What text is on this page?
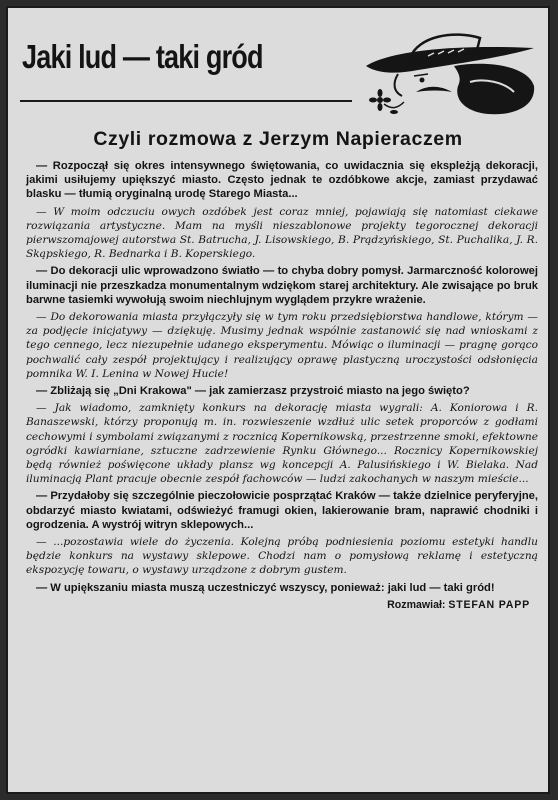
Jaki lud — taki gród
Czyli rozmowa z Jerzym Napieraczem

— Rozpoczął się okres intensywnego świętowania, co uwidacznia się ekspleżją dekoracji, jakimi usiłujemy upiększyć miasto. Często jednak te ozdóbkowe akcje, zamiast przydawać blasku — tłumią oryginalną urodę Starego Miasta...

— W moim odczuciu owych ozdóbek jest coraz mniej, pojawiają się natomiast ciekawe rozwiązania artystyczne. Mam na myśli nieszablonowe projekty tegorocznej dekoracji pierwszomajowej autorstwa St. Batrucha, J. Lisowskiego, B. Prądzyńskiego, St. Puchalika, J. R. Skąpskiego, R. Bednarka i B. Koperskiego.

— Do dekoracji ulic wprowadzono światło — to chyba dobry pomysł. Jarmarczność kolorowej iluminacji nie przeszkadza monumentalnym wdziękom starej architektury. Ale zwisające po bruk barwne tasiemki wywołują swoim niechlujnym wyglądem przykre wrażenie.

— Do dekorowania miasta przyłączyły się w tym roku przedsiębiorstwa handlowe, którym — za podjęcie inicjatywy — dziękuję. Musimy jednak wspólnie zastanowić się nad wnioskami z tego cennego, lecz niezupełnie udanego eksperymentu. Mówiąc o iluminacji — pragnę gorąco pochwalić cały zespół projektujący i realizujący oprawę plastyczną uroczystości odsłonięcia pomnika W. I. Lenina w Nowej Hucie!

— Zbliżają się „Dni Krakowa" — jak zamierzasz przystroić miasto na jego święto?

— Jak wiadomo, zamknięty konkurs na dekorację miasta wygrali: A. Koniorowa i R. Banaszewski, którzy proponują m. in. rozwieszenie wzdłuż ulic setek proporców z godłami cechowymi i symbolami związanymi z rocznicą Kopernikowską, przestrzenne smoki, efektowne ogródki kawiarniane, sztuczne zadrzewienie Rynku Głównego... Rocznicy Kopernikowskiej będą również poświęcone układy plansz wg koncepcji A. Palusińskiego i W. Bielaka. Nad iluminacją Plant pracuje obecnie zespół fachowców — ludzi zakochanych w naszym mieście...

— Przydałoby się szczególnie pieczołowicie posprzątać Kraków — także dzielnice peryferyjne, obdarzyć miasto kwiatami, odświeżyć framugi okien, lakierowanie bram, naprawić chodniki i ogrodzenia. A wystrój witryn sklepowych...

— ...pozostawia wiele do życzenia. Kolejną próbą podniesienia poziomu estetyki handlu będzie konkurs na wystawy sklepowe. Chodzi nam o pomysłową reklamę i estetyczną ekspozycję towaru, o wystawy urządzone z dobrym gustem.

— W upiększaniu miasta muszą uczestniczyć wszyscy, ponieważ: jaki lud — taki gród!

Rozmawiał: STEFAN PAPP
